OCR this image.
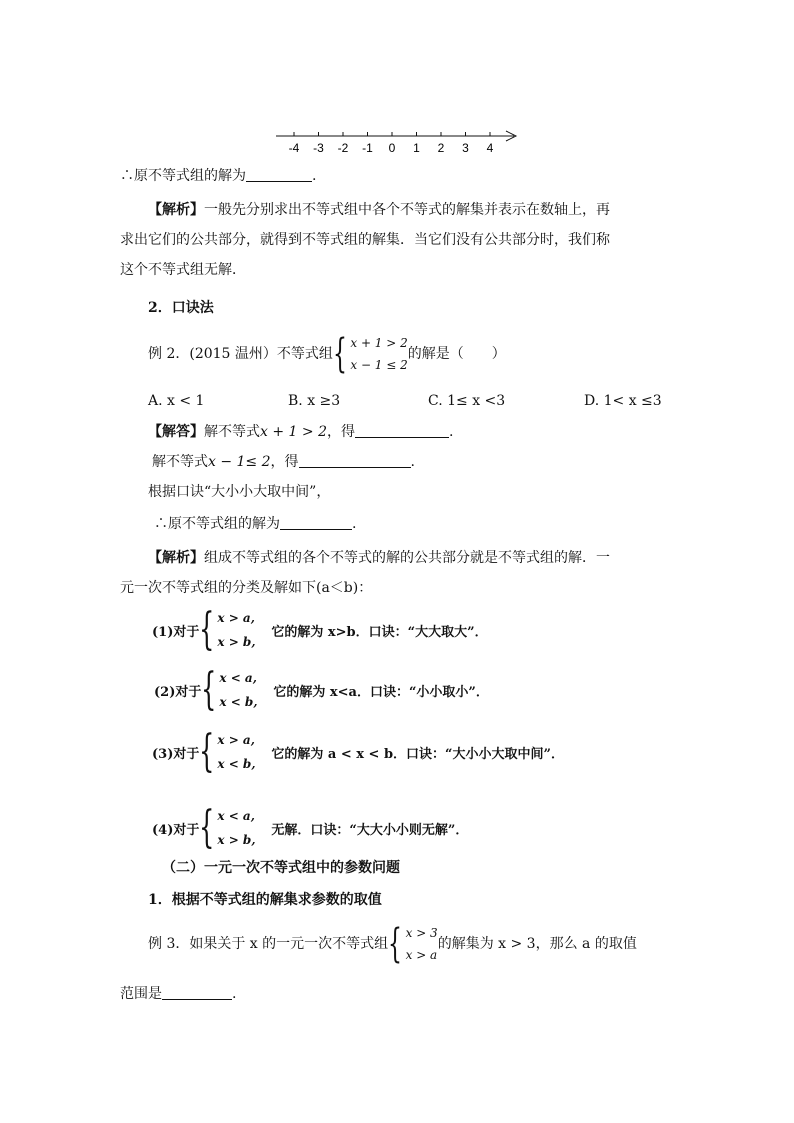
-4 -3 -2 -1 0 1 2 3 4
∴原不等式组的解为	.
【解析】一般先分别求出不等式组中各个不等式的解集并表示在数轴上，再
求出它们的公共部分，就得到不等式组的解集．当它们没有公共部分时，我们称
这个不等式组无解．
2．口诀法
例 2．(2015 温州）不等式组 { x + 1 > 2
x − 1 ≤ 2
的解是（　　）
A. x < 1	B. x ≥3	C. 1≤ x <3	D. 1< x ≤3
【解答】解不等式x + 1 > 2，得	.
解不等式x − 1≤ 2，得	.
根据口诀“大小小大取中间”，
∴原不等式组的解为	.
【解析】组成不等式组的各个不等式的解的公共部分就是不等式组的解．一
元一次不等式组的分类及解如下(a＜b)：
(1)对于 { x > a,
x > b,
它的解为 x>b．口诀：“大大取大”．
(2)对于 { x < a,
x < b,
它的解为 x<a．口诀：“小小取小”．
(3)对于 { x > a,
x < b,
它的解为 a < x < b．口诀：“大小小大取中间”．
(4)对于 { x < a,
x > b,
无解．口诀：“大大小小则无解”．
（二）一元一次不等式组中的参数问题
1．根据不等式组的解集求参数的取值
例 3．如果关于 x 的一元一次不等式组 { x > 3
x > a
的解集为 x > 3，那么 a 的取值
范围是	.
